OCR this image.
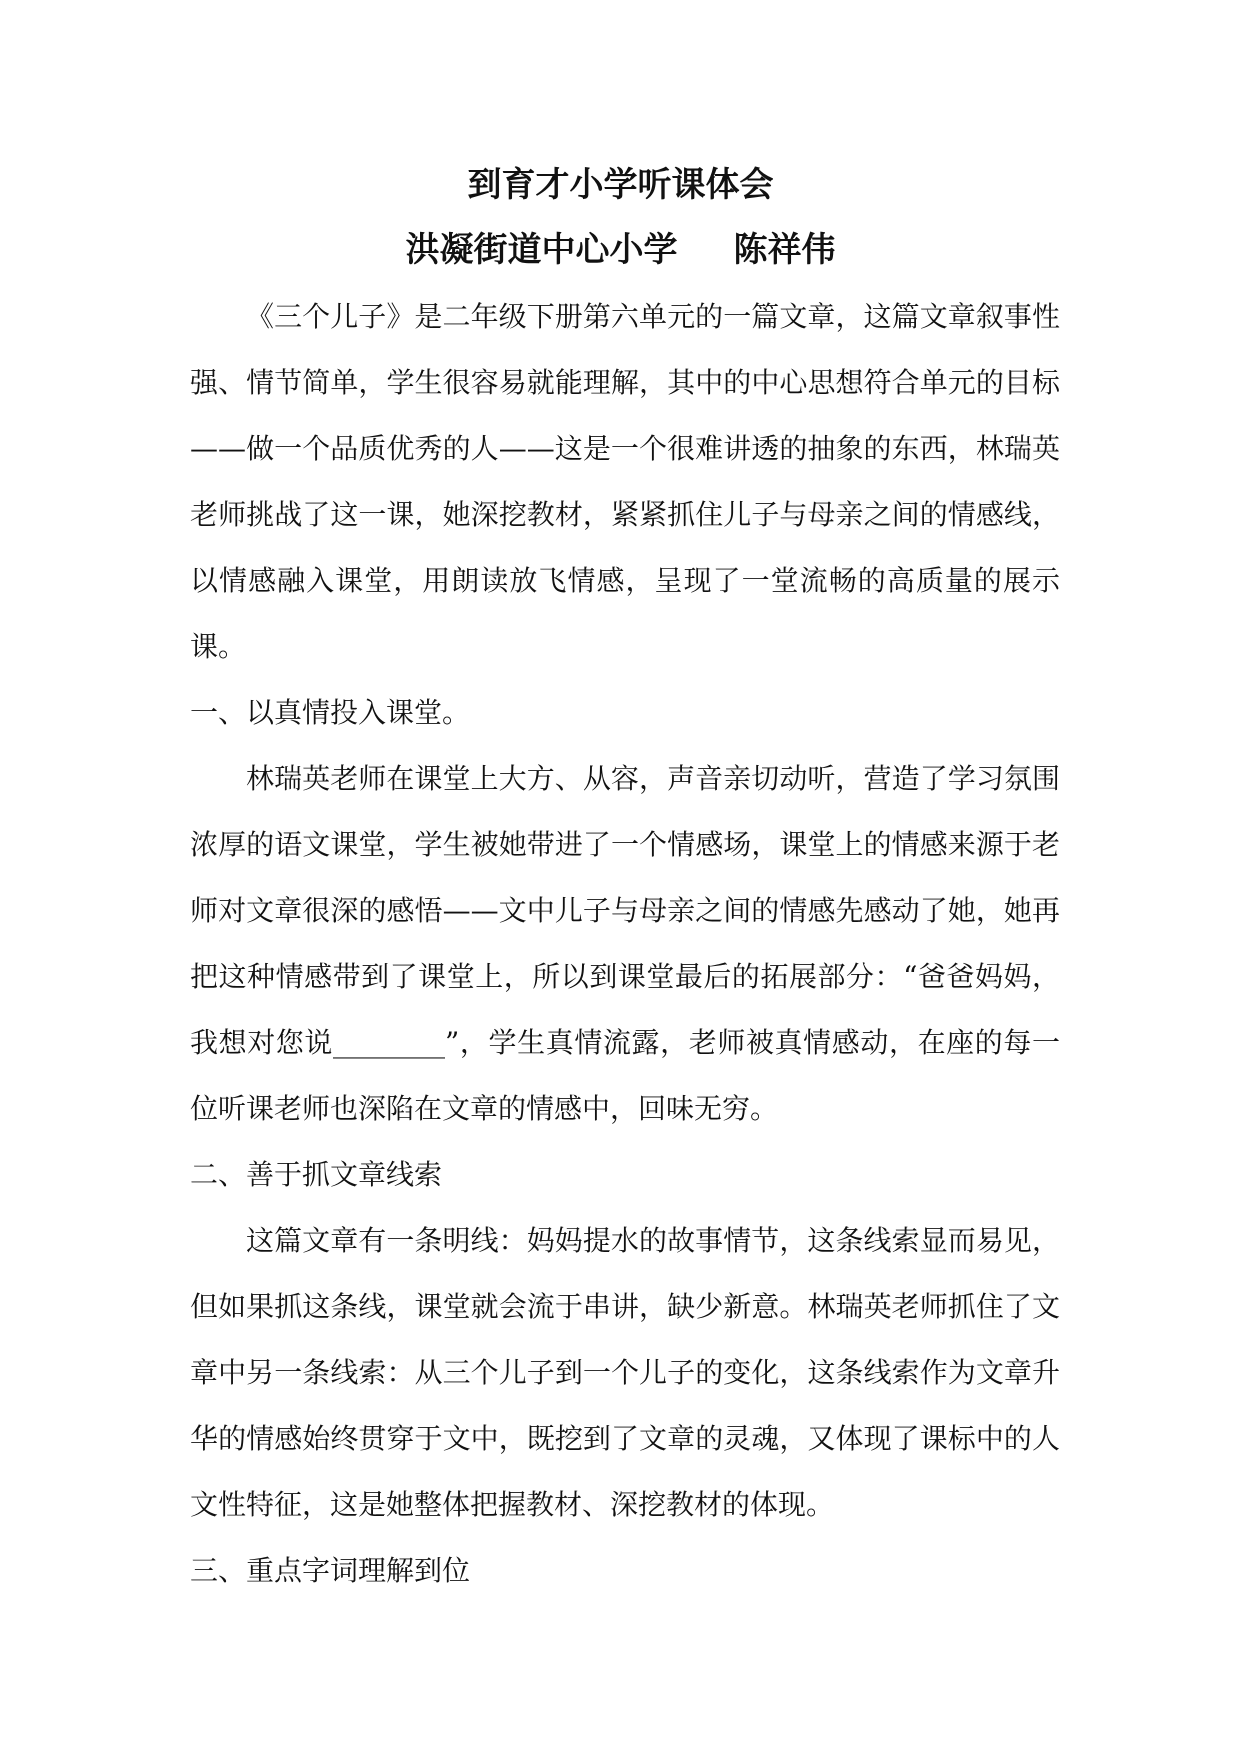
到育才小学听课体会
洪凝街道中心小学 陈祥伟

《三个儿子》是二年级下册第六单元的一篇文章，这篇文章叙事性强、情节简单，学生很容易就能理解，其中的中心思想符合单元的目标——做一个品质优秀的人——这是一个很难讲透的抽象的东西，林瑞英老师挑战了这一课，她深挖教材，紧紧抓住儿子与母亲之间的情感线，以情感融入课堂，用朗读放飞情感，呈现了一堂流畅的高质量的展示课。

一、以真情投入课堂。

林瑞英老师在课堂上大方、从容，声音亲切动听，营造了学习氛围浓厚的语文课堂，学生被她带进了一个情感场，课堂上的情感来源于老师对文章很深的感悟——文中儿子与母亲之间的情感先感动了她，她再把这种情感带到了课堂上，所以到课堂最后的拓展部分：“爸爸妈妈，我想对您说________”，学生真情流露，老师被真情感动，在座的每一位听课老师也深陷在文章的情感中，回味无穷。

二、善于抓文章线索

这篇文章有一条明线：妈妈提水的故事情节，这条线索显而易见，但如果抓这条线，课堂就会流于串讲，缺少新意。林瑞英老师抓住了文章中另一条线索：从三个儿子到一个儿子的变化，这条线索作为文章升华的情感始终贯穿于文中，既挖到了文章的灵魂，又体现了课标中的人文性特征，这是她整体把握教材、深挖教材的体现。

三、重点字词理解到位
